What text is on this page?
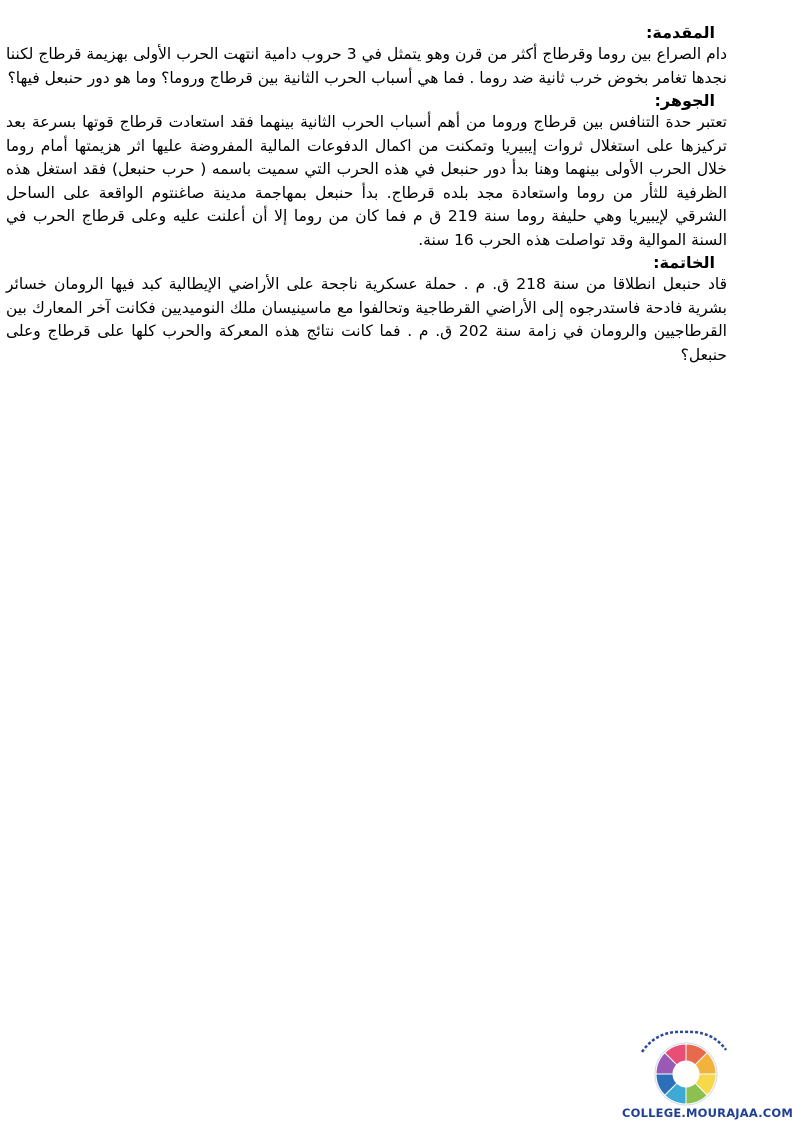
المقدمة:

دام الصراع بين روما وقرطاج أكثر من قرن وهو يتمثل في 3 حروب دامية انتهت الحرب الأولى بهزيمة قرطاج لكننا نجدها تغامر بخوض خرب ثانية ضد روما . فما هي أسباب الحرب الثانية بين قرطاج وروما؟ وما هو دور حنبعل فيها؟

الجوهر:

تعتبر حدة التنافس بين قرطاج وروما من أهم أسباب الحرب الثانية بينهما فقد استعادت قرطاج قوتها بسرعة بعد تركيزها على استغلال ثروات إيبيريا وتمكنت من اكمال الدفوعات المالية المفروضة عليها اثر هزيمتها أمام روما خلال الحرب الأولى بينهما وهنا بدأ دور حنبعل في هذه الحرب التي سميت باسمه ( حرب حنبعل) فقد استغل هذه الظرفية للثأر من روما واستعادة مجد بلده قرطاج. بدأ حنبعل بمهاجمة مدينة صاغنتوم الواقعة على الساحل الشرقي لإيبيريا وهي حليفة روما سنة 219 ق م فما كان من روما إلا أن أعلنت عليه وعلى قرطاج الحرب في السنة الموالية وقد تواصلت هذه الحرب 16 سنة.

الخاتمة:

قاد حنبعل انطلاقا من سنة 218 ق. م . حملة عسكرية ناجحة على الأراضي الإيطالية كبد فيها الرومان خسائر بشرية فادحة فاستدرجوه إلى الأراضي القرطاجية وتحالفوا مع ماسينيسان ملك النوميديين فكانت آخر المعارك بين القرطاجيين والرومان في زامة سنة 202 ق. م . فما كانت نتائج هذه المعركة والحرب كلها على قرطاج وعلى حنبعل؟

COLLEGE.MOURAJAA.COM
